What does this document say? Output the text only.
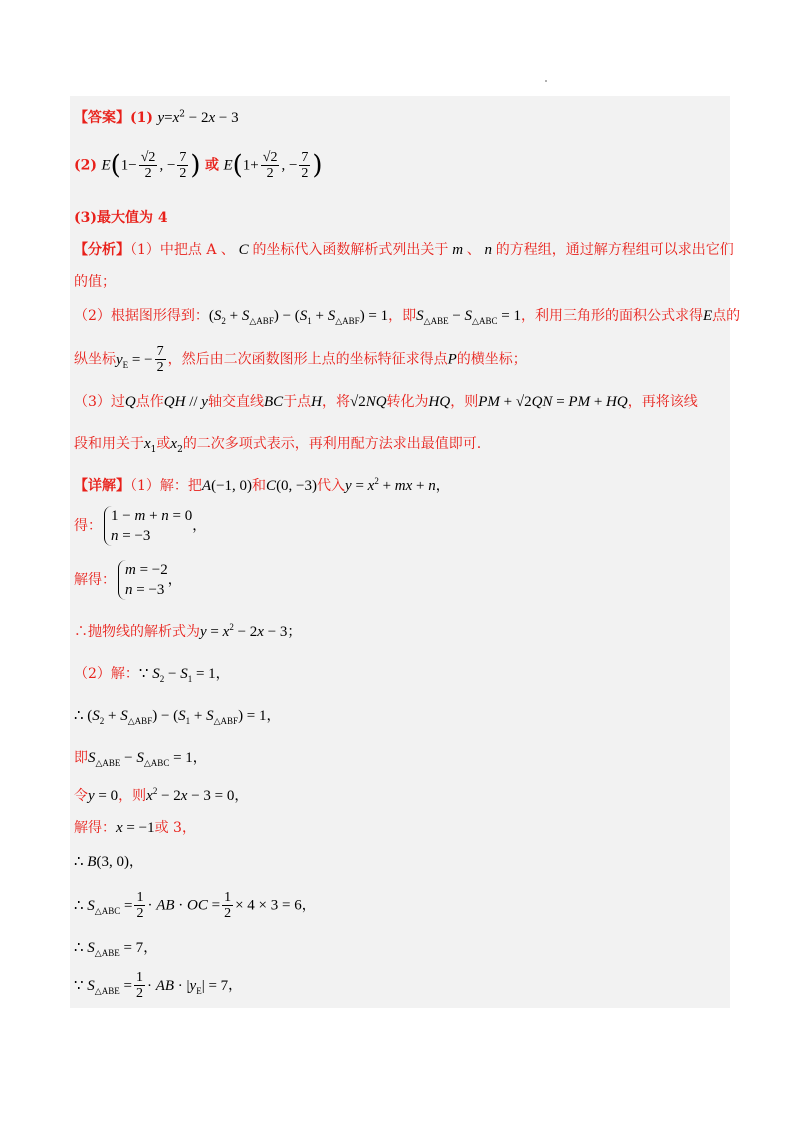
【答案】(1) $y=x^2 - 2x - 3$
(2) $E(1- \frac{√2}{2}$ , − $\frac{7}{2}$ ) 或 $E(1+ \frac{√2}{2}$ , − $\frac{7}{2}$ )
(3)最大值为 4
【分析】（1）中把点 A 、 C 的坐标代入函数解析式列出关于 m 、 n 的方程组，通过解方程组可以求出它们
的值；
（2）根据图形得到：$(S_2 + S_{\triangle ABF}) - (S_1 + S_{\triangle ABF}) = 1$，即$S_{\triangle ABE} - S_{\triangle ABC} = 1$，利用三角形的面积公式求得E点的
纵坐标$y_E$ = − $\frac{7}{2}$ ，然后由二次函数图形上点的坐标特征求得点P的横坐标；
（3）过Q点作QH // y轴交直线BC于点H，将√2NQ转化为HQ，则PM + √2QN = PM + HQ，再将该线
段和用关于$x_1$或$x_2$的二次多项式表示，再利用配方法求出最值即可.
【详解】（1）解：把A(−1, 0)和C(0, −3)代入$y = x^2$ + mx + n，
得：
1 − m + n = 0
n = −3
，
解得：
m = −2
n = −3
，
∴抛物线的解析式为$y = x^2 - 2x - 3$；
（2）解：∵ $S_2 - S_1 = 1$，
∴ $(S_2 + S_{\triangle ABF}) - (S_1 + S_{\triangle ABF}) = 1$，
即$S_{\triangle ABE} - S_{\triangle ABC} = 1$，
令y = 0，则$x^2 - 2x - 3 = 0$，
解得：x = −1或 3，
∴ B(3, 0)，
∴ $S_{\triangle ABC} = \frac{1}{2}$ · AB · OC = $\frac{1}{2} \times 4 \times 3 = 6$，
∴ $S_{\triangle ABE} = 7$，
∵ $S_{\triangle ABE} = \frac{1}{2}$ · AB · $|y_E| = 7$，
